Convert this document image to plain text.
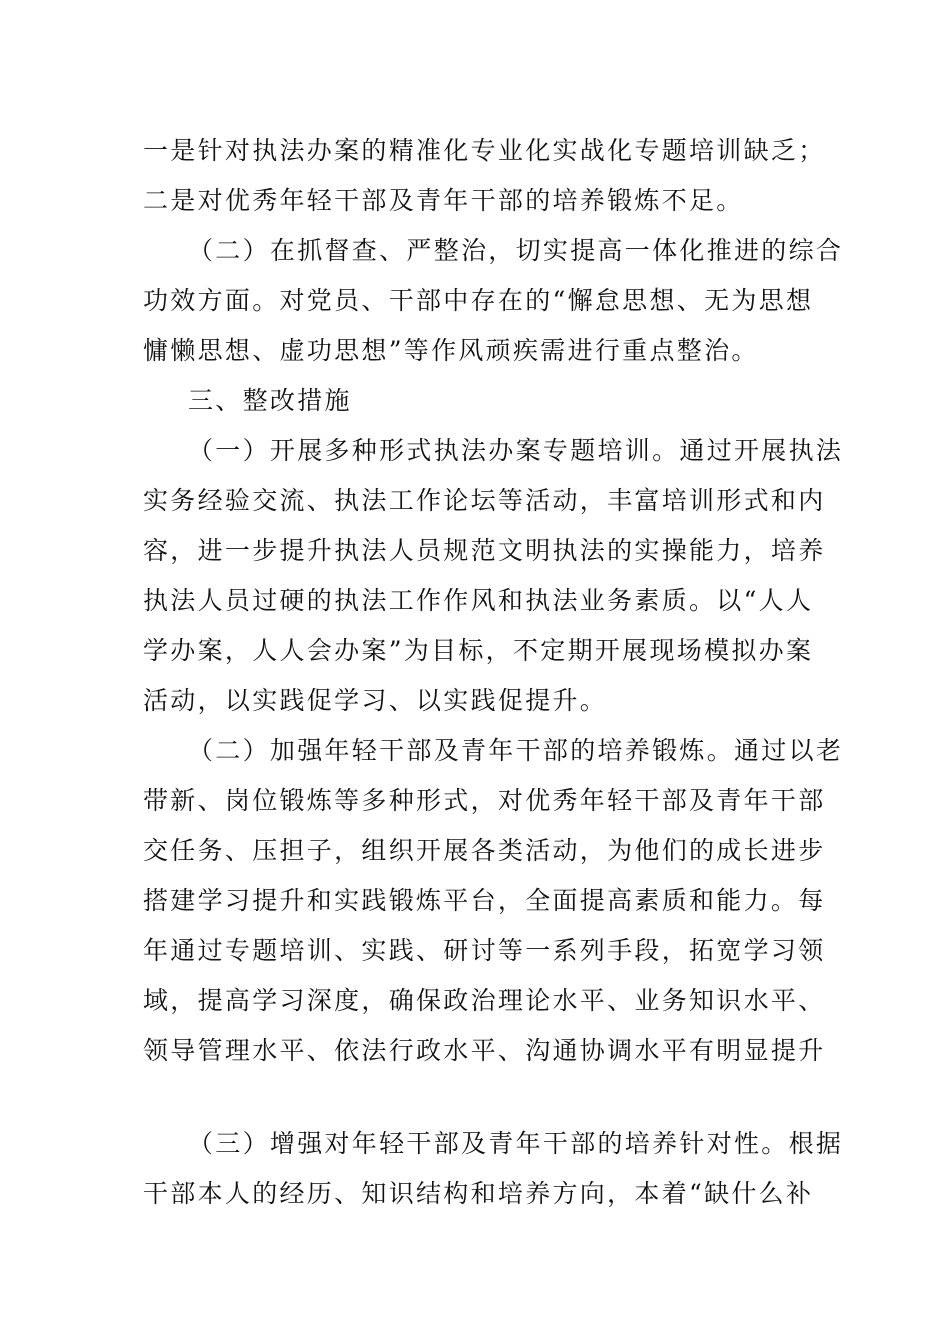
一是针对执法办案的精准化专业化实战化专题培训缺乏；
二是对优秀年轻干部及青年干部的培养锻炼不足。
（二）在抓督查、严整治，切实提高一体化推进的综合
功效方面。对党员、干部中存在的“懈怠思想、无为思想
慵懒思想、虚功思想”等作风顽疾需进行重点整治。
三、整改措施
（一）开展多种形式执法办案专题培训。通过开展执法
实务经验交流、执法工作论坛等活动，丰富培训形式和内
容，进一步提升执法人员规范文明执法的实操能力，培养
执法人员过硬的执法工作作风和执法业务素质。以“人人
学办案，人人会办案”为目标，不定期开展现场模拟办案
活动，以实践促学习、以实践促提升。
（二）加强年轻干部及青年干部的培养锻炼。通过以老
带新、岗位锻炼等多种形式，对优秀年轻干部及青年干部
交任务、压担子，组织开展各类活动，为他们的成长进步
搭建学习提升和实践锻炼平台，全面提高素质和能力。每
年通过专题培训、实践、研讨等一系列手段，拓宽学习领
域，提高学习深度，确保政治理论水平、业务知识水平、
领导管理水平、依法行政水平、沟通协调水平有明显提升
（三）增强对年轻干部及青年干部的培养针对性。根据
干部本人的经历、知识结构和培养方向，本着“缺什么补
